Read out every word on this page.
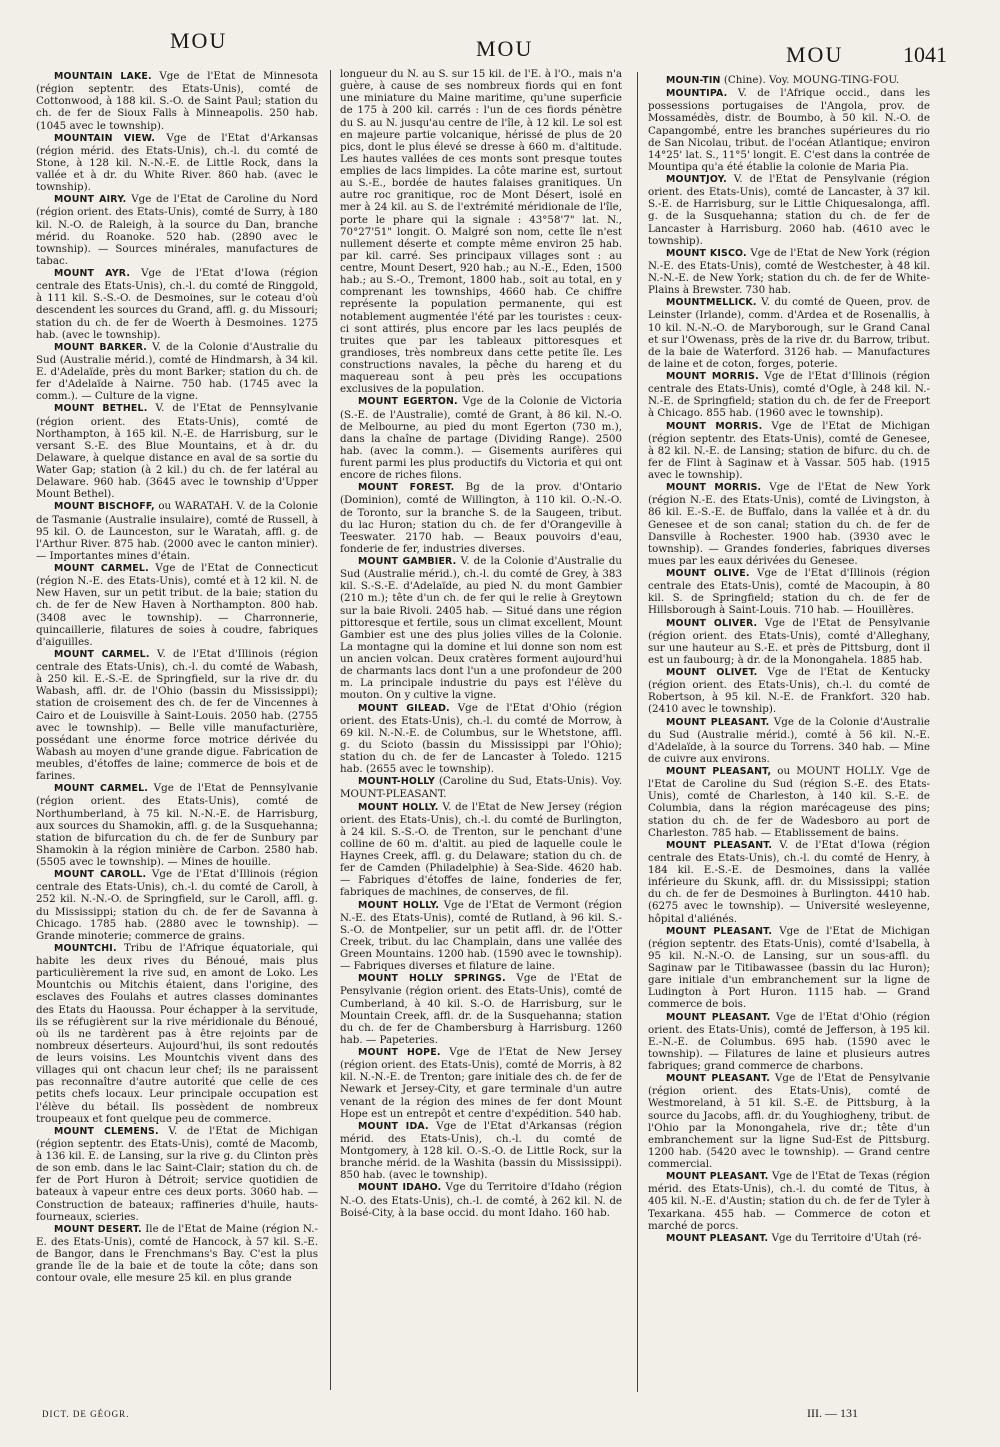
MOU	MOU	MOU	1041

MOUNTAIN LAKE. Vge de l'Etat de Minnesota (région septentr. des Etats-Unis), comté de Cottonwood, à 188 kil. S.-O. de Saint Paul; station du ch. de fer de Sioux Falls à Minneapolis. 250 hab. (1045 avec le township).

MOUNTAIN VIEW. Vge de l'Etat d'Arkansas (région mérid. des Etats-Unis), ch.-l. du comté de Stone, à 128 kil. N.-N.-E. de Little Rock, dans la vallée et à dr. du White River. 860 hab. (avec le township).

MOUNT AIRY. Vge de l'Etat de Caroline du Nord (région orient. des Etats-Unis), comté de Surry, à 180 kil. N.-O. de Raleigh, à la source du Dan, branche mérid. du Roanoke. 520 hab. (2890 avec le township). — Sources minérales, manufactures de tabac.

MOUNT AYR. Vge de l'Etat d'Iowa (région centrale des Etats-Unis), ch.-l. du comté de Ringgold, à 111 kil. S.-S.-O. de Desmoines, sur le coteau d'où descendent les sources du Grand, affl. g. du Missouri; station du ch. de fer de Woerth à Desmoines. 1275 hab. (avec le township).

MOUNT BARKER. V. de la Colonie d'Australie du Sud (Australie mérid.), comté de Hindmarsh, à 34 kil. E. d'Adelaïde, près du mont Barker; station du ch. de fer d'Adelaïde à Nairne. 750 hab. (1745 avec la comm.). — Culture de la vigne.

MOUNT BETHEL. V. de l'Etat de Pennsylvanie (région orient. des Etats-Unis), comté de Northampton, à 165 kil. N.-E. de Harrisburg, sur le versant S.-E. des Blue Mountains, et à dr. du Delaware, à quelque distance en aval de sa sortie du Water Gap; station (à 2 kil.) du ch. de fer latéral au Delaware. 960 hab. (3645 avec le township d'Upper Mount Bethel).

MOUNT BISCHOFF, ou WARATAH. V. de la Colonie de Tasmanie (Australie insulaire), comté de Russell, à 95 kil. O. de Launceston, sur le Waratah, affl. g. de l'Arthur River. 875 hab. (2000 avec le canton minier). — Importantes mines d'étain.

MOUNT CARMEL. Vge de l'Etat de Connecticut (région N.-E. des Etats-Unis), comté et à 12 kil. N. de New Haven, sur un petit tribut. de la baie; station du ch. de fer de New Haven à Northampton. 800 hab. (3408 avec le township). — Charronnerie, quincaillerie, filatures de soies à coudre, fabriques d'aiguilles.

MOUNT CARMEL. V. de l'Etat d'Illinois (région centrale des Etats-Unis), ch.-l. du comté de Wabash, à 250 kil. E.-S.-E. de Springfield, sur la rive dr. du Wabash, affl. dr. de l'Ohio (bassin du Mississippi); station de croisement des ch. de fer de Vincennes à Cairo et de Louisville à Saint-Louis. 2050 hab. (2755 avec le township). — Belle ville manufacturière, possédant une énorme force motrice dérivée du Wabash au moyen d'une grande digue. Fabrication de meubles, d'étoffes de laine; commerce de bois et de farines.

MOUNT CARMEL. Vge de l'Etat de Pennsylvanie (région orient. des Etats-Unis), comté de Northumberland, à 75 kil. N.-N.-E. de Harrisburg, aux sources du Shamokin, affl. g. de la Susquehanna; station de bifurcation du ch. de fer de Sunbury par Shamokin à la région minière de Carbon. 2580 hab. (5505 avec le township). — Mines de houille.

MOUNT CAROLL. Vge de l'Etat d'Illinois (région centrale des Etats-Unis), ch.-l. du comté de Caroll, à 252 kil. N.-N.-O. de Springfield, sur le Caroll, affl. g. du Mississippi; station du ch. de fer de Savanna à Chicago. 1785 hab. (2880 avec le township). — Grande minoterie; commerce de grains.

MOUNTCHI. Tribu de l'Afrique équatoriale, qui habite les deux rives du Bénoué, mais plus particulièrement la rive sud, en amont de Loko. Les Mountchis ou Mitchis étaient, dans l'origine, des esclaves des Foulahs et autres classes dominantes des Etats du Haoussa. Pour échapper à la servitude, ils se réfugièrent sur la rive méridionale du Bénoué, où ils ne tardèrent pas à être rejoints par de nombreux déserteurs. Aujourd'hui, ils sont redoutés de leurs voisins. Les Mountchis vivent dans des villages qui ont chacun leur chef; ils ne paraissent pas reconnaître d'autre autorité que celle de ces petits chefs locaux. Leur principale occupation est l'élève du bétail. Ils possèdent de nombreux troupeaux et font quelque peu de commerce.

MOUNT CLEMENS. V. de l'Etat de Michigan (région septentr. des Etats-Unis), comté de Macomb, à 136 kil. E. de Lansing, sur la rive g. du Clinton près de son emb. dans le lac Saint-Clair; station du ch. de fer de Port Huron à Détroit; service quotidien de bateaux à vapeur entre ces deux ports. 3060 hab. — Construction de bateaux; raffineries d'huile, hauts-fourneaux, scieries.

MOUNT DESERT. Ile de l'Etat de Maine (région N.-E. des Etats-Unis), comté de Hancock, à 57 kil. S.-E. de Bangor, dans le Frenchmans's Bay. C'est la plus grande île de la baie et de toute la côte; dans son contour ovale, elle mesure 25 kil. en plus grande

longueur du N. au S. sur 15 kil. de l'E. à l'O., mais n'a guère, à cause de ses nombreux fiords qui en font une miniature du Maine maritime, qu'une superficie de 175 à 200 kil. carrés : l'un de ces fiords pénètre du S. au N. jusqu'au centre de l'île, à 12 kil. Le sol est en majeure partie volcanique, hérissé de plus de 20 pics, dont le plus élevé se dresse à 660 m. d'altitude. Les hautes vallées de ces monts sont presque toutes emplies de lacs limpides. La côte marine est, surtout au S.-E., bordée de hautes falaises granitiques. Un autre roc granitique, roc de Mont Désert, isolé en mer à 24 kil. au S. de l'extrémité méridionale de l'île, porte le phare qui la signale : 43°58'7" lat. N., 70°27'51" longit. O. Malgré son nom, cette île n'est nullement déserte et compte même environ 25 hab. par kil. carré. Ses principaux villages sont : au centre, Mount Desert, 920 hab.; au N.-E., Eden, 1500 hab.; au S.-O., Tremont, 1800 hab., soit au total, en y comprenant les townships, 4660 hab. Ce chiffre représente la population permanente, qui est notablement augmentée l'été par les touristes : ceux-ci sont attirés, plus encore par les lacs peuplés de truites que par les tableaux pittoresques et grandioses, très nombreux dans cette petite île. Les constructions navales, la pêche du hareng et du maquereau sont à peu près les occupations exclusives de la population.

MOUNT EGERTON. Vge de la Colonie de Victoria (S.-E. de l'Australie), comté de Grant, à 86 kil. N.-O. de Melbourne, au pied du mont Egerton (730 m.), dans la chaîne de partage (Dividing Range). 2500 hab. (avec la comm.). — Gisements aurifères qui furent parmi les plus productifs du Victoria et qui ont encore de riches filons.

MOUNT FOREST. Bg de la prov. d'Ontario (Dominion), comté de Willington, à 110 kil. O.-N.-O. de Toronto, sur la branche S. de la Saugeen, tribut. du lac Huron; station du ch. de fer d'Orangeville à Teeswater. 2170 hab. — Beaux pouvoirs d'eau, fonderie de fer, industries diverses.

MOUNT GAMBIER. V. de la Colonie d'Australie du Sud (Australie mérid.), ch.-l. du comté de Grey, à 383 kil. S.-S.-E. d'Adelaïde, au pied N. du mont Gambier (210 m.); tête d'un ch. de fer qui le relie à Greytown sur la baie Rivoli. 2405 hab. — Situé dans une région pittoresque et fertile, sous un climat excellent, Mount Gambier est une des plus jolies villes de la Colonie. La montagne qui la domine et lui donne son nom est un ancien volcan. Deux cratères forment aujourd'hui de charmants lacs dont l'un a une profondeur de 200 m. La principale industrie du pays est l'élève du mouton. On y cultive la vigne.

MOUNT GILEAD. Vge de l'Etat d'Ohio (région orient. des Etats-Unis), ch.-l. du comté de Morrow, à 69 kil. N.-N.-E. de Columbus, sur le Whetstone, affl. g. du Scioto (bassin du Mississippi par l'Ohio); station du ch. de fer de Lancaster à Toledo. 1215 hab. (2655 avec le township).

MOUNT-HOLLY (Caroline du Sud, Etats-Unis). Voy. MOUNT-PLEASANT.

MOUNT HOLLY. V. de l'Etat de New Jersey (région orient. des Etats-Unis), ch.-l. du comté de Burlington, à 24 kil. S.-S.-O. de Trenton, sur le penchant d'une colline de 60 m. d'altit. au pied de laquelle coule le Haynes Creek, affl. g. du Delaware; station du ch. de fer de Camden (Philadelphie) à Sea-Side. 4620 hab. — Fabriques d'étoffes de laine, fonderies de fer, fabriques de machines, de conserves, de fil.

MOUNT HOLLY. Vge de l'Etat de Vermont (région N.-E. des Etats-Unis), comté de Rutland, à 96 kil. S.-S.-O. de Montpelier, sur un petit affl. dr. de l'Otter Creek, tribut. du lac Champlain, dans une vallée des Green Mountains. 1200 hab. (1590 avec le township). — Fabriques diverses et filature de laine.

MOUNT HOLLY SPRINGS. Vge de l'Etat de Pensylvanie (région orient. des Etats-Unis), comté de Cumberland, à 40 kil. S.-O. de Harrisburg, sur le Mountain Creek, affl. dr. de la Susquehanna; station du ch. de fer de Chambersburg à Harrisburg. 1260 hab. — Papeteries.

MOUNT HOPE. Vge de l'Etat de New Jersey (région orient. des Etats-Unis), comté de Morris, à 82 kil. N.-N.-E. de Trenton; gare initiale des ch. de fer de Newark et Jersey-City, et gare terminale d'un autre venant de la région des mines de fer dont Mount Hope est un entrepôt et centre d'expédition. 540 hab.

MOUNT IDA. Vge de l'Etat d'Arkansas (région mérid. des Etats-Unis), ch.-l. du comté de Montgomery, à 128 kil. O.-S.-O. de Little Rock, sur la branche mérid. de la Washita (bassin du Mississippi). 850 hab. (avec le township).

MOUNT IDAHO. Vge du Territoire d'Idaho (région N.-O. des Etats-Unis), ch.-l. de comté, à 262 kil. N. de Boisé-City, à la base occid. du mont Idaho. 160 hab.

MOUN-TIN (Chine). Voy. MOUNG-TING-FOU.

MOUNTIPA. V. de l'Afrique occid., dans les possessions portugaises de l'Angola, prov. de Mossamédès, distr. de Boumbo, à 50 kil. N.-O. de Capangombé, entre les branches supérieures du rio de San Nicolau, tribut. de l'océan Atlantique; environ 14°25' lat. S., 11°5' longit. E. C'est dans la contrée de Mountipa qu'a été établie la colonie de Maria Pia.

MOUNTJOY. V. de l'Etat de Pensylvanie (région orient. des Etats-Unis), comté de Lancaster, à 37 kil. S.-E. de Harrisburg, sur le Little Chiquesalonga, affl. g. de la Susquehanna; station du ch. de fer de Lancaster à Harrisburg. 2060 hab. (4610 avec le township).

MOUNT KISCO. Vge de l'Etat de New York (région N.-E. des Etats-Unis), comté de Westchester, à 48 kil. N.-N.-E. de New York; station du ch. de fer de White-Plains à Brewster. 730 hab.

MOUNTMELLICK. V. du comté de Queen, prov. de Leinster (Irlande), comm. d'Ardea et de Rosenallis, à 10 kil. N.-N.-O. de Maryborough, sur le Grand Canal et sur l'Owenass, près de la rive dr. du Barrow, tribut. de la baie de Waterford. 3126 hab. — Manufactures de laine et de coton, forges, poterie.

MOUNT MORRIS. Vge de l'Etat d'Illinois (région centrale des Etats-Unis), comté d'Ogle, à 248 kil. N.-N.-E. de Springfield; station du ch. de fer de Freeport à Chicago. 855 hab. (1960 avec le township).

MOUNT MORRIS. Vge de l'Etat de Michigan (région septentr. des Etats-Unis), comté de Genesee, à 82 kil. N.-E. de Lansing; station de bifurc. du ch. de fer de Flint à Saginaw et à Vassar. 505 hab. (1915 avec le township).

MOUNT MORRIS. Vge de l'Etat de New York (région N.-E. des Etats-Unis), comté de Livingston, à 86 kil. E.-S.-E. de Buffalo, dans la vallée et à dr. du Genesee et de son canal; station du ch. de fer de Dansville à Rochester. 1900 hab. (3930 avec le township). — Grandes fonderies, fabriques diverses mues par les eaux dérivées du Genesee.

MOUNT OLIVE. Vge de l'Etat d'Illinois (région centrale des Etats-Unis), comté de Macoupin, à 80 kil. S. de Springfield; station du ch. de fer de Hillsborough à Saint-Louis. 710 hab. — Houillères.

MOUNT OLIVER. Vge de l'Etat de Pensylvanie (région orient. des Etats-Unis), comté d'Alleghany, sur une hauteur au S.-E. et près de Pittsburg, dont il est un faubourg; à dr. de la Monongahela. 1885 hab.

MOUNT OLIVET. Vge de l'Etat de Kentucky (région orient. des Etats-Unis), ch.-l. du comté de Robertson, à 95 kil. N.-E. de Frankfort. 320 hab. (2410 avec le township).

MOUNT PLEASANT. Vge de la Colonie d'Australie du Sud (Australie mérid.), comté à 56 kil. N.-E. d'Adelaïde, à la source du Torrens. 340 hab. — Mine de cuivre aux environs.

MOUNT PLEASANT, ou MOUNT HOLLY. Vge de l'Etat de Caroline du Sud (région S.-E. des Etats-Unis), comté de Charleston, à 140 kil. S.-E. de Columbia, dans la région marécageuse des pins; station du ch. de fer de Wadesboro au port de Charleston. 785 hab. — Etablissement de bains.

MOUNT PLEASANT. V. de l'Etat d'Iowa (région centrale des Etats-Unis), ch.-l. du comté de Henry, à 184 kil. E.-S.-E. de Desmoines, dans la vallée inférieure du Skunk, affl. dr. du Mississippi; station du ch. de fer de Desmoines à Burlington. 4410 hab. (6275 avec le township). — Université wesleyenne, hôpital d'aliénés.

MOUNT PLEASANT. Vge de l'Etat de Michigan (région septentr. des Etats-Unis), comté d'Isabella, à 95 kil. N.-N.-O. de Lansing, sur un sous-affl. du Saginaw par le Titibawassee (bassin du lac Huron); gare initiale d'un embranchement sur la ligne de Ludington à Port Huron. 1115 hab. — Grand commerce de bois.

MOUNT PLEASANT. Vge de l'Etat d'Ohio (région orient. des Etats-Unis), comté de Jefferson, à 195 kil. E.-N.-E. de Columbus. 695 hab. (1590 avec le township). — Filatures de laine et plusieurs autres fabriques; grand commerce de charbons.

MOUNT PLEASANT. Vge de l'Etat de Pensylvanie (région orient. des Etats-Unis), comté de Westmoreland, à 51 kil. S.-E. de Pittsburg, à la source du Jacobs, affl. dr. du Youghiogheny, tribut. de l'Ohio par la Monongahela, rive dr.; tête d'un embranchement sur la ligne Sud-Est de Pittsburg. 1200 hab. (5420 avec le township). — Grand centre commercial.

MOUNT PLEASANT. Vge de l'Etat de Texas (région mérid. des Etats-Unis), ch.-l. du comté de Titus, à 405 kil. N.-E. d'Austin; station du ch. de fer de Tyler à Texarkana. 455 hab. — Commerce de coton et marché de porcs.

MOUNT PLEASANT. Vge du Territoire d'Utah (ré-

DICT. DE GÉOGR.	III. — 131
